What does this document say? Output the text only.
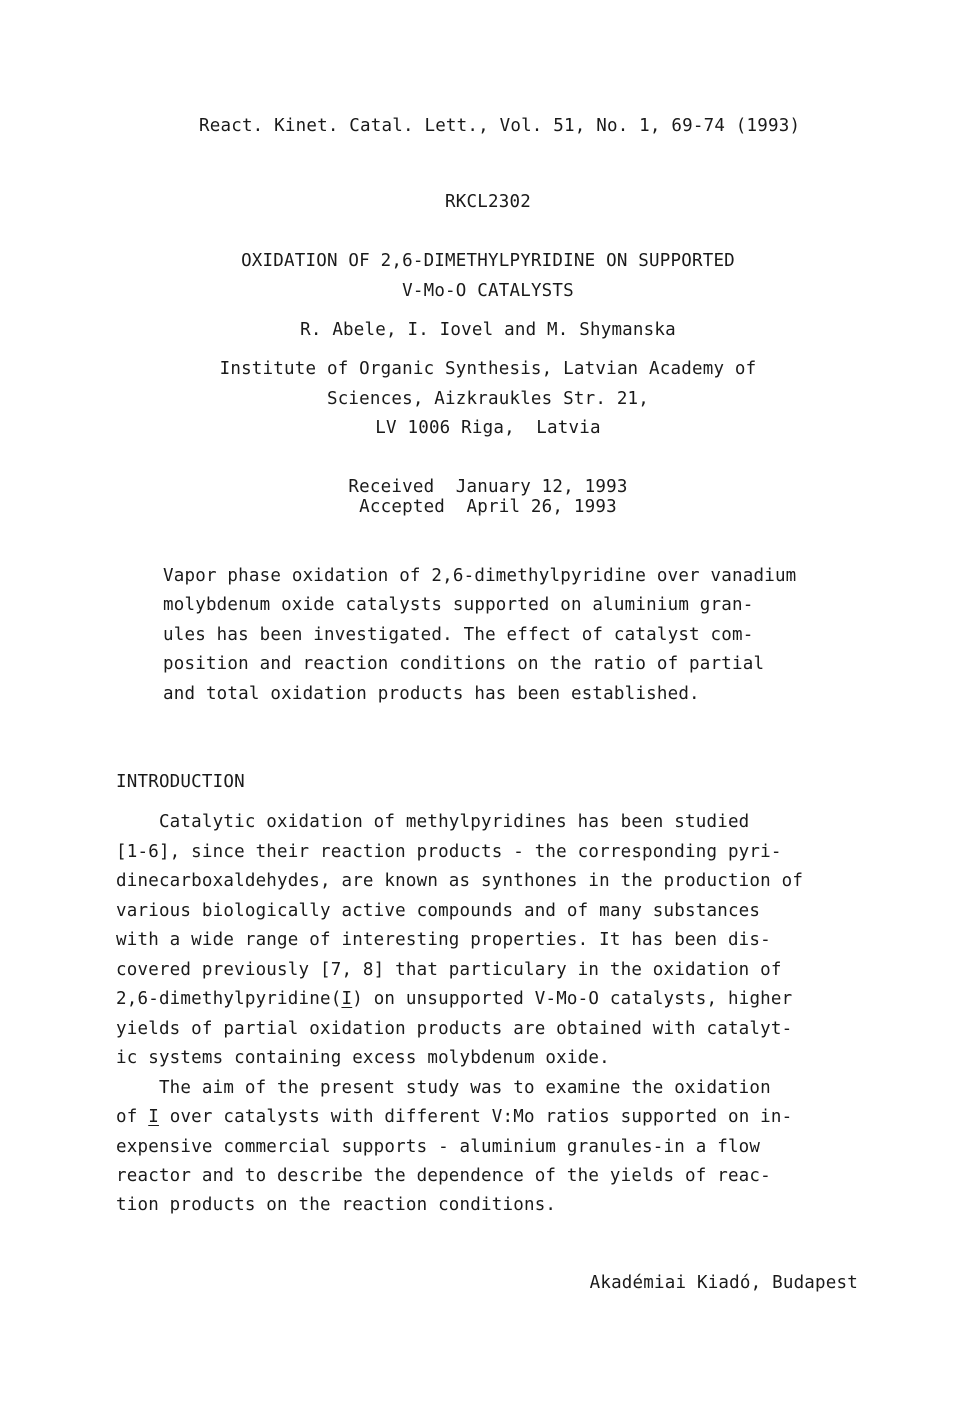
React. Kinet. Catal. Lett., Vol. 51, No. 1, 69-74 (1993)
RKCL2302
OXIDATION OF 2,6-DIMETHYLPYRIDINE ON SUPPORTED
V-Mo-O CATALYSTS
R. Abele, I. Iovel and M. Shymanska
Institute of Organic Synthesis, Latvian Academy of
Sciences, Aizkraukles Str. 21,
LV 1006 Riga,  Latvia
Received  January 12, 1993
Accepted  April 26, 1993
Vapor phase oxidation of 2,6-dimethylpyridine over vanadium
molybdenum oxide catalysts supported on aluminium gran-
ules has been investigated. The effect of catalyst com-
position and reaction conditions on the ratio of partial
and total oxidation products has been established.
INTRODUCTION
Catalytic oxidation of methylpyridines has been studied
[1-6], since their reaction products - the corresponding pyri-
dinecarboxaldehydes, are known as synthones in the production of
various biologically active compounds and of many substances
with a wide range of interesting properties. It has been dis-
covered previously [7, 8] that particulary in the oxidation of
2,6-dimethylpyridine(I) on unsupported V-Mo-O catalysts, higher
yields of partial oxidation products are obtained with catalyt-
ic systems containing excess molybdenum oxide.
The aim of the present study was to examine the oxidation
of I over catalysts with different V:Mo ratios supported on in-
expensive commercial supports - aluminium granules-in a flow
reactor and to describe the dependence of the yields of reac-
tion products on the reaction conditions.
Akadémiai Kiadó, Budapest
